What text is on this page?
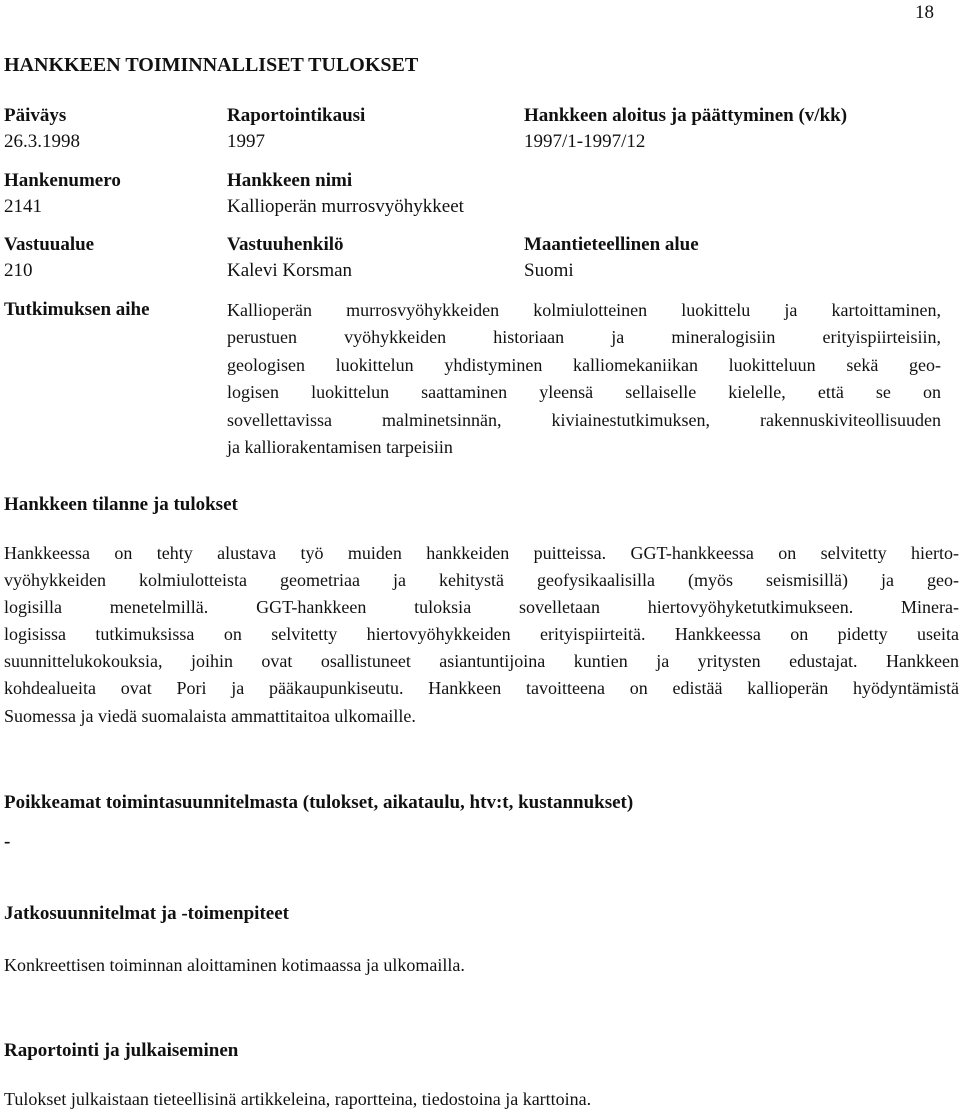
18
HANKKEEN TOIMINNALLISET TULOKSET
Päiväys	Raportointikausi	Hankkeen aloitus ja päättyminen (v/kk)
26.3.1998	1997	1997/1-1997/12
Hankenumero	Hankkeen nimi
2141	Kallioperän murrosvyöhykkeet
Vastuualue	Vastuuhenkilö	Maantieteellinen alue
210	Kalevi Korsman	Suomi
Tutkimuksen aihe	Kallioperän murrosvyöhykkeiden kolmiulotteinen luokittelu ja kartoittaminen,
perustuen vyöhykkeiden historiaan ja mineralogisiin erityispiirteisiin,
geologisen luokittelun yhdistyminen kalliomekaniikan luokitteluun sekä geo-
logisen luokittelun saattaminen yleensä sellaiselle kielelle, että se on
sovellettavissa malminetsinnän, kiviainestutkimuksen, rakennuskiviteollisuuden
ja kalliorakentamisen tarpeisiin
Hankkeen tilanne ja tulokset
Hankkeessa on tehty alustava työ muiden hankkeiden puitteissa. GGT-hankkeessa on selvitetty hierto-
vyöhykkeiden kolmiulotteista geometriaa ja kehitystä geofysikaalisilla (myös seismisillä) ja geo-
logisilla menetelmillä. GGT-hankkeen tuloksia sovelletaan hiertovyöhyketutkimukseen. Minera-
logisissa tutkimuksissa on selvitetty hiertovyöhykkeiden erityispiirteitä. Hankkeessa on pidetty useita
suunnittelukokouksia, joihin ovat osallistuneet asiantuntijoina kuntien ja yritysten edustajat. Hankkeen
kohdealueita ovat Pori ja pääkaupunkiseutu. Hankkeen tavoitteena on edistää kallioperän hyödyntämistä
Suomessa ja viedä suomalaista ammattitaitoa ulkomaille.
Poikkeamat toimintasuunnitelmasta (tulokset, aikataulu, htv:t, kustannukset)
-
Jatkosuunnitelmat ja -toimenpiteet
Konkreettisen toiminnan aloittaminen kotimaassa ja ulkomailla.
Raportointi ja julkaiseminen
Tulokset julkaistaan tieteellisinä artikkeleina, raportteina, tiedostoina ja karttoina.
